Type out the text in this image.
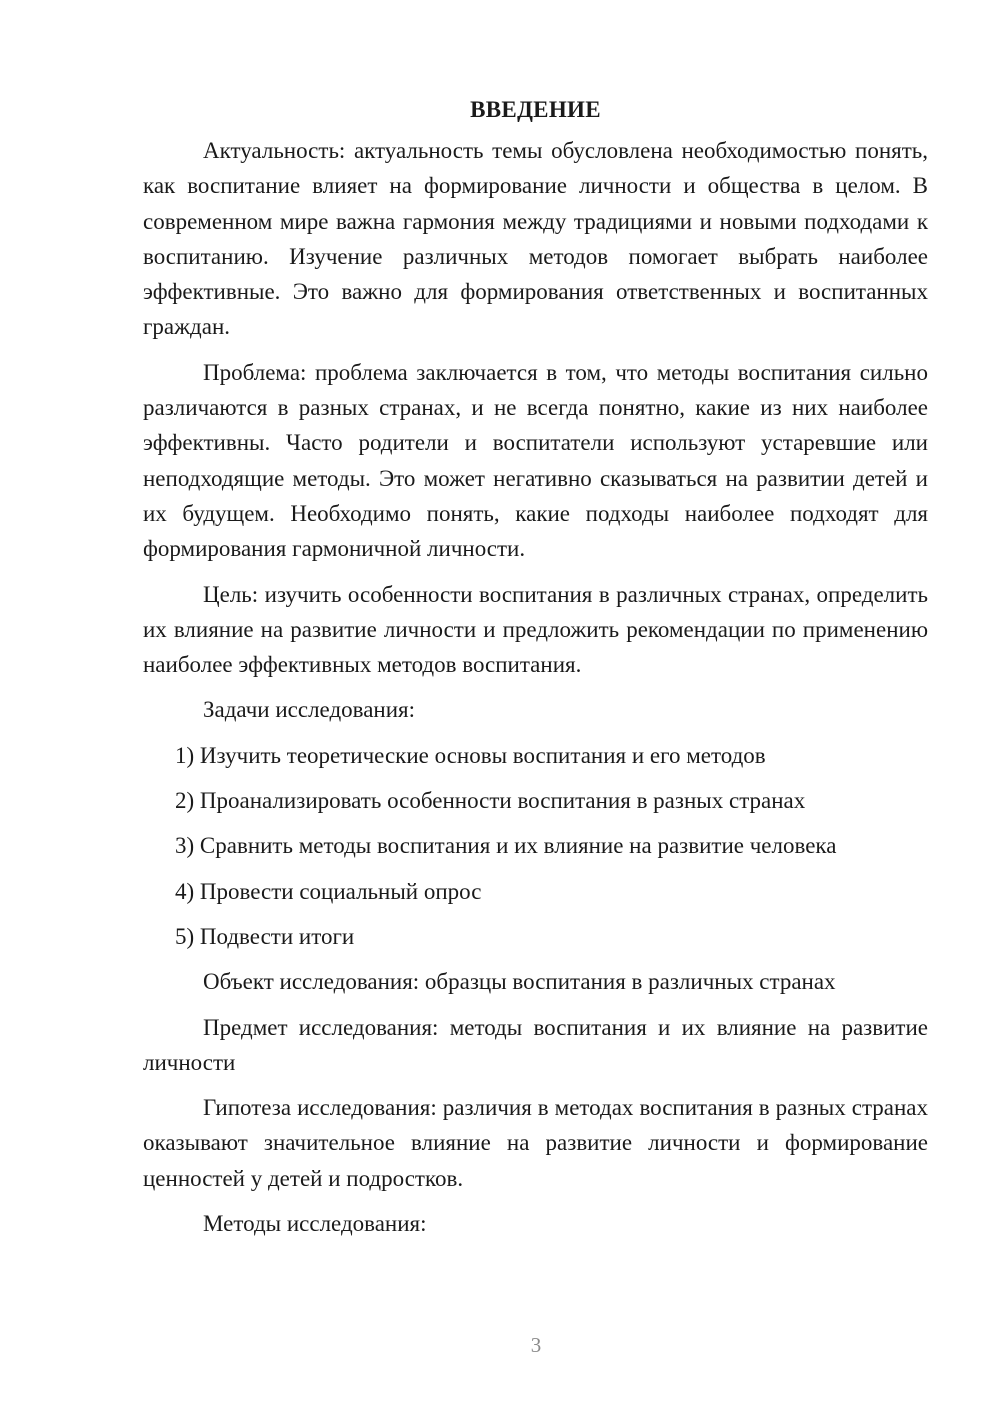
ВВЕДЕНИЕ

Актуальность: актуальность темы обусловлена необходимостью понять, как воспитание влияет на формирование личности и общества в целом. В современном мире важна гармония между традициями и новыми подходами к воспитанию. Изучение различных методов помогает выбрать наиболее эффективные. Это важно для формирования ответственных и воспитанных граждан.

Проблема: проблема заключается в том, что методы воспитания сильно различаются в разных странах, и не всегда понятно, какие из них наиболее эффективны. Часто родители и воспитатели используют устаревшие или неподходящие методы. Это может негативно сказываться на развитии детей и их будущем. Необходимо понять, какие подходы наиболее подходят для формирования гармоничной личности.

Цель: изучить особенности воспитания в различных странах, определить их влияние на развитие личности и предложить рекомендации по применению наиболее эффективных методов воспитания.

Задачи исследования:

1) Изучить теоретические основы воспитания и его методов
2) Проанализировать особенности воспитания в разных странах
3) Сравнить методы воспитания и их влияние на развитие человека
4) Провести социальный опрос
5) Подвести итоги

Объект исследования: образцы воспитания в различных странах

Предмет исследования: методы воспитания и их влияние на развитие личности

Гипотеза исследования: различия в методах воспитания в разных странах оказывают значительное влияние на развитие личности и формирование ценностей у детей и подростков.

Методы исследования:

3
